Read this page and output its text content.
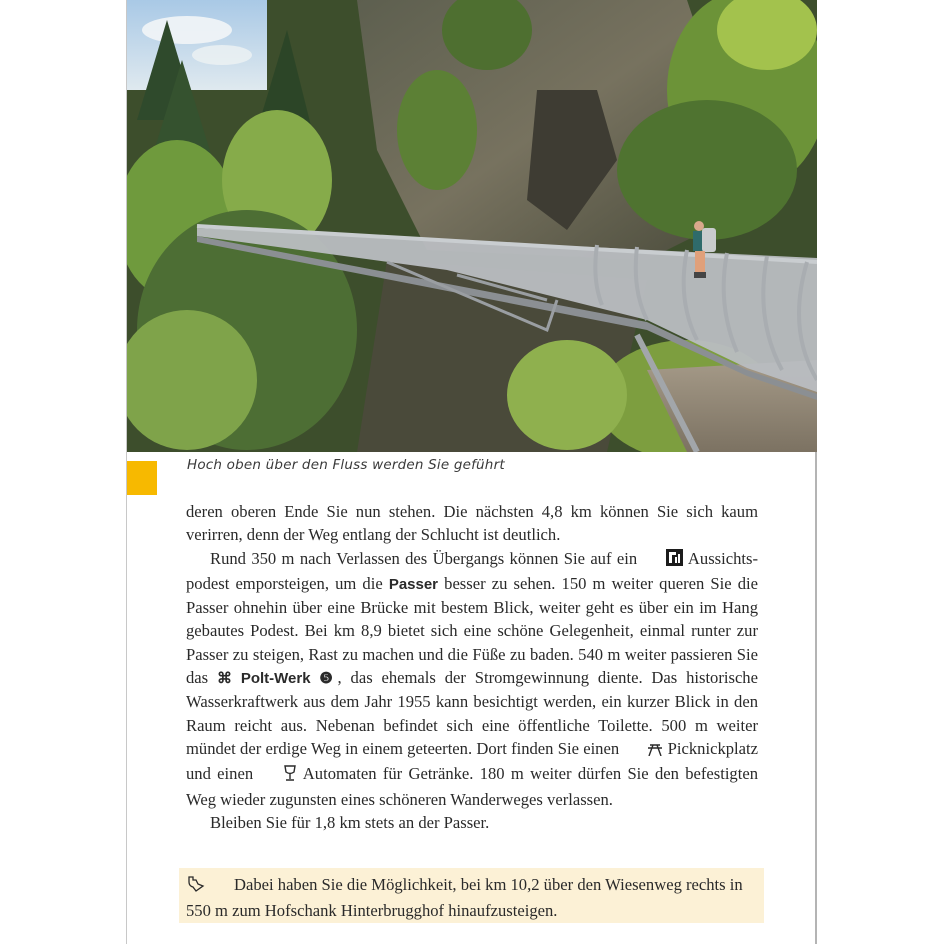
Hoch oben über den Fluss werden Sie geführt

deren oberen Ende Sie nun stehen. Die nächsten 4,8 km können Sie sich kaum verirren, denn der Weg entlang der Schlucht ist deutlich.

Rund 350 m nach Verlassen des Übergangs können Sie auf ein  Aussichtspodest emporsteigen, um die Passer besser zu sehen. 150 m weiter queren Sie die Passer ohnehin über eine Brücke mit bestem Blick, weiter geht es über ein im Hang gebautes Podest. Bei km 8,9 bietet sich eine schöne Gelegenheit, einmal runter zur Passer zu steigen, Rast zu machen und die Füße zu baden. 540 m weiter passieren Sie das ⌘ Polt-Werk ❺, das ehemals der Stromgewinnung diente. Das historische Wasserkraftwerk aus dem Jahr 1955 kann besichtigt werden, ein kurzer Blick in den Raum reicht aus. Nebenan befindet sich eine öffentliche Toilette. 500 m weiter mündet der erdige Weg in einem geteerten. Dort finden Sie einen  Picknickplatz und einen  Automaten für Getränke. 180 m weiter dürfen Sie den befestigten Weg wieder zugunsten eines schöneren Wanderweges verlassen.

Bleiben Sie für 1,8 km stets an der Passer.

Dabei haben Sie die Möglichkeit, bei km 10,2 über den Wiesenweg rechts in 550 m zum Hofschank Hinterbrugghof hinaufzusteigen.
